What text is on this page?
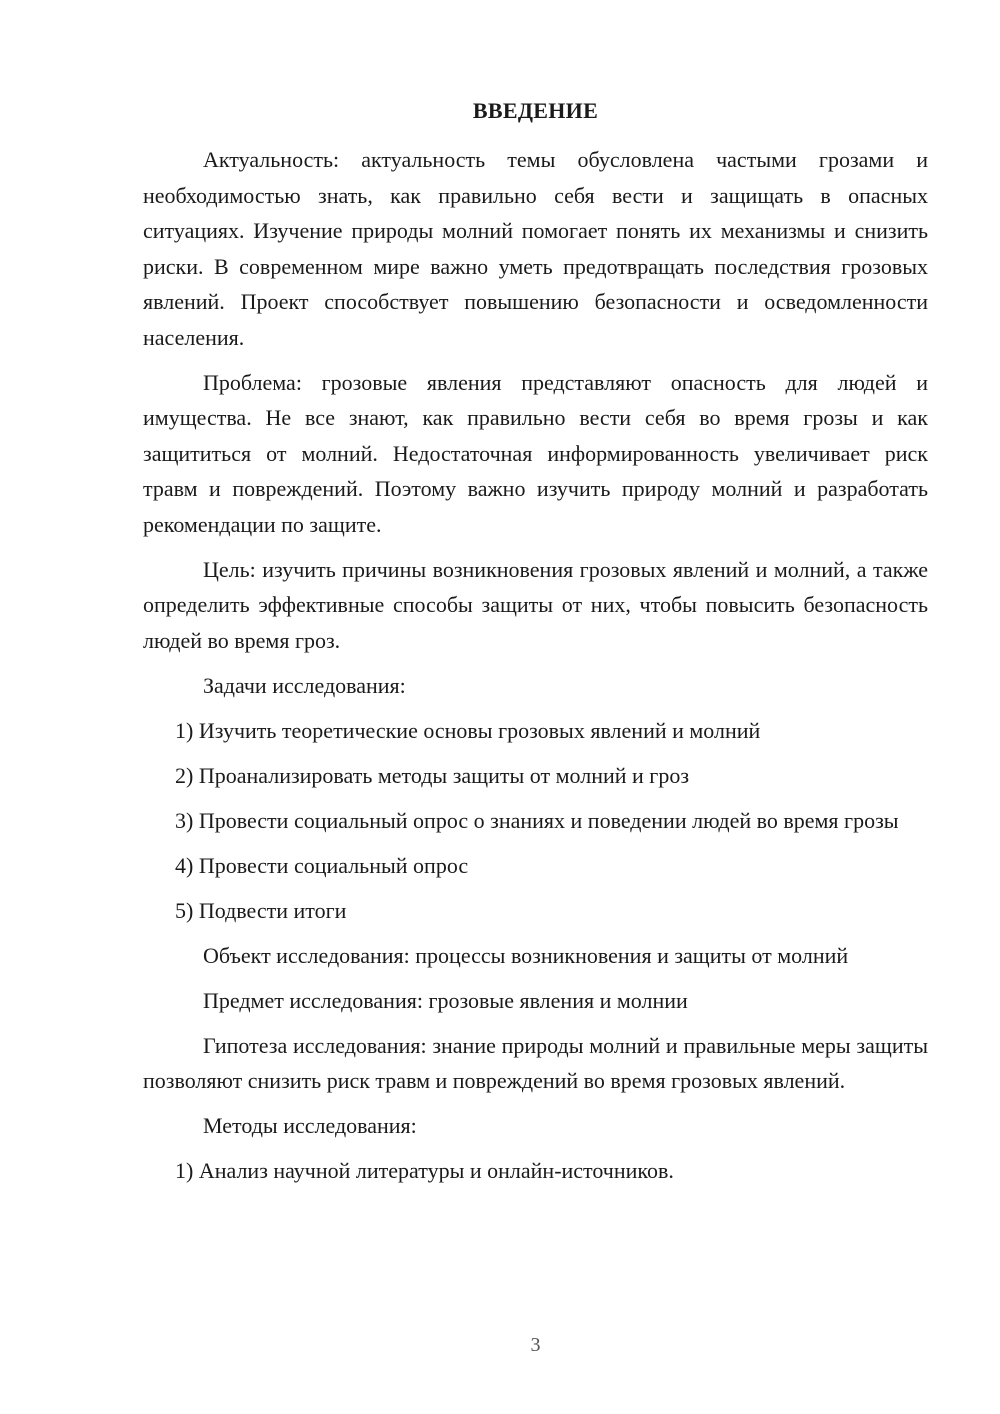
ВВЕДЕНИЕ

Актуальность: актуальность темы обусловлена частыми грозами и необходимостью знать, как правильно себя вести и защищать в опасных ситуациях. Изучение природы молний помогает понять их механизмы и снизить риски. В современном мире важно уметь предотвращать последствия грозовых явлений. Проект способствует повышению безопасности и осведомленности населения.

Проблема: грозовые явления представляют опасность для людей и имущества. Не все знают, как правильно вести себя во время грозы и как защититься от молний. Недостаточная информированность увеличивает риск травм и повреждений. Поэтому важно изучить природу молний и разработать рекомендации по защите.

Цель: изучить причины возникновения грозовых явлений и молний, а также определить эффективные способы защиты от них, чтобы повысить безопасность людей во время гроз.

Задачи исследования:

1) Изучить теоретические основы грозовых явлений и молний

2) Проанализировать методы защиты от молний и гроз

3) Провести социальный опрос о знаниях и поведении людей во время грозы

4) Провести социальный опрос

5) Подвести итоги

Объект исследования: процессы возникновения и защиты от молний

Предмет исследования: грозовые явления и молнии

Гипотеза исследования: знание природы молний и правильные меры защиты позволяют снизить риск травм и повреждений во время грозовых явлений.

Методы исследования:

1) Анализ научной литературы и онлайн-источников.

3
